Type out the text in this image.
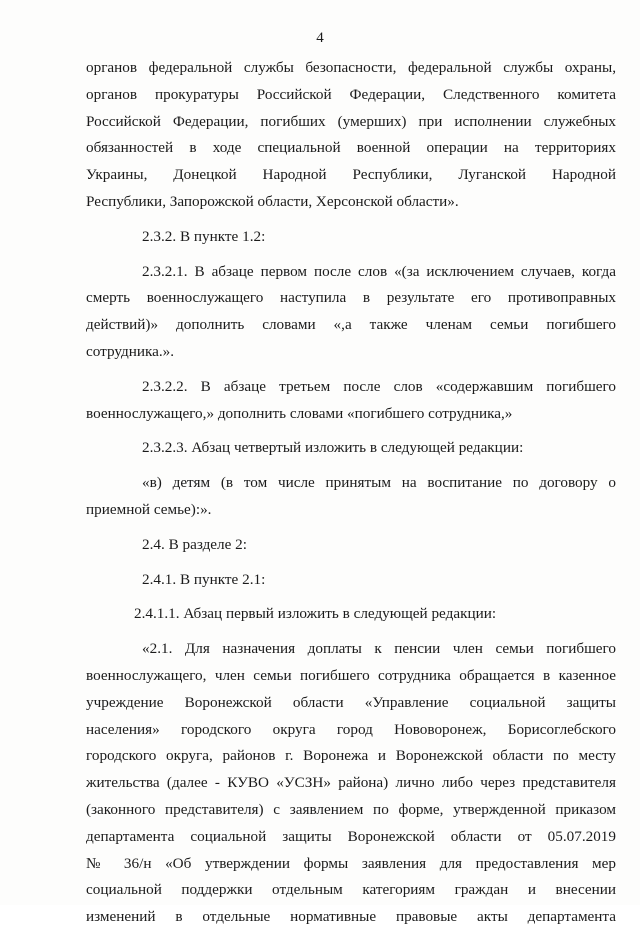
4
органов федеральной службы безопасности, федеральной службы охраны,
органов прокуратуры Российской Федерации, Следственного комитета
Российской Федерации, погибших (умерших) при исполнении служебных
обязанностей в ходе специальной военной операции на территориях
Украины, Донецкой Народной Республики, Луганской Народной
Республики, Запорожской области, Херсонской области».
2.3.2. В пункте 1.2:
2.3.2.1. В абзаце первом после слов «(за исключением случаев, когда
смерть военнослужащего наступила в результате его противоправных
действий)» дополнить словами «,а также членам семьи погибшего
сотрудника.».
2.3.2.2. В абзаце третьем после слов «содержавшим погибшего
военнослужащего,» дополнить словами «погибшего сотрудника,»
2.3.2.3. Абзац четвертый изложить в следующей редакции:
«в) детям (в том числе принятым на воспитание по договору о
приемной семье):».
2.4. В разделе 2:
2.4.1. В пункте 2.1:
2.4.1.1. Абзац первый изложить в следующей редакции:
«2.1. Для назначения доплаты к пенсии член семьи погибшего
военнослужащего, член семьи погибшего сотрудника обращается в казенное
учреждение Воронежской области «Управление социальной защиты
населения» городского округа город Нововоронеж, Борисоглебского
городского округа, районов г. Воронежа и Воронежской области по месту
жительства (далее - КУВО «УСЗН» района) лично либо через представителя
(законного представителя) с заявлением по форме, утвержденной приказом
департамента социальной защиты Воронежской области от 05.07.2019
№ 36/н «Об утверждении формы заявления для предоставления мер
социальной поддержки отдельным категориям граждан и внесении
изменений в отдельные нормативные правовые акты департамента
